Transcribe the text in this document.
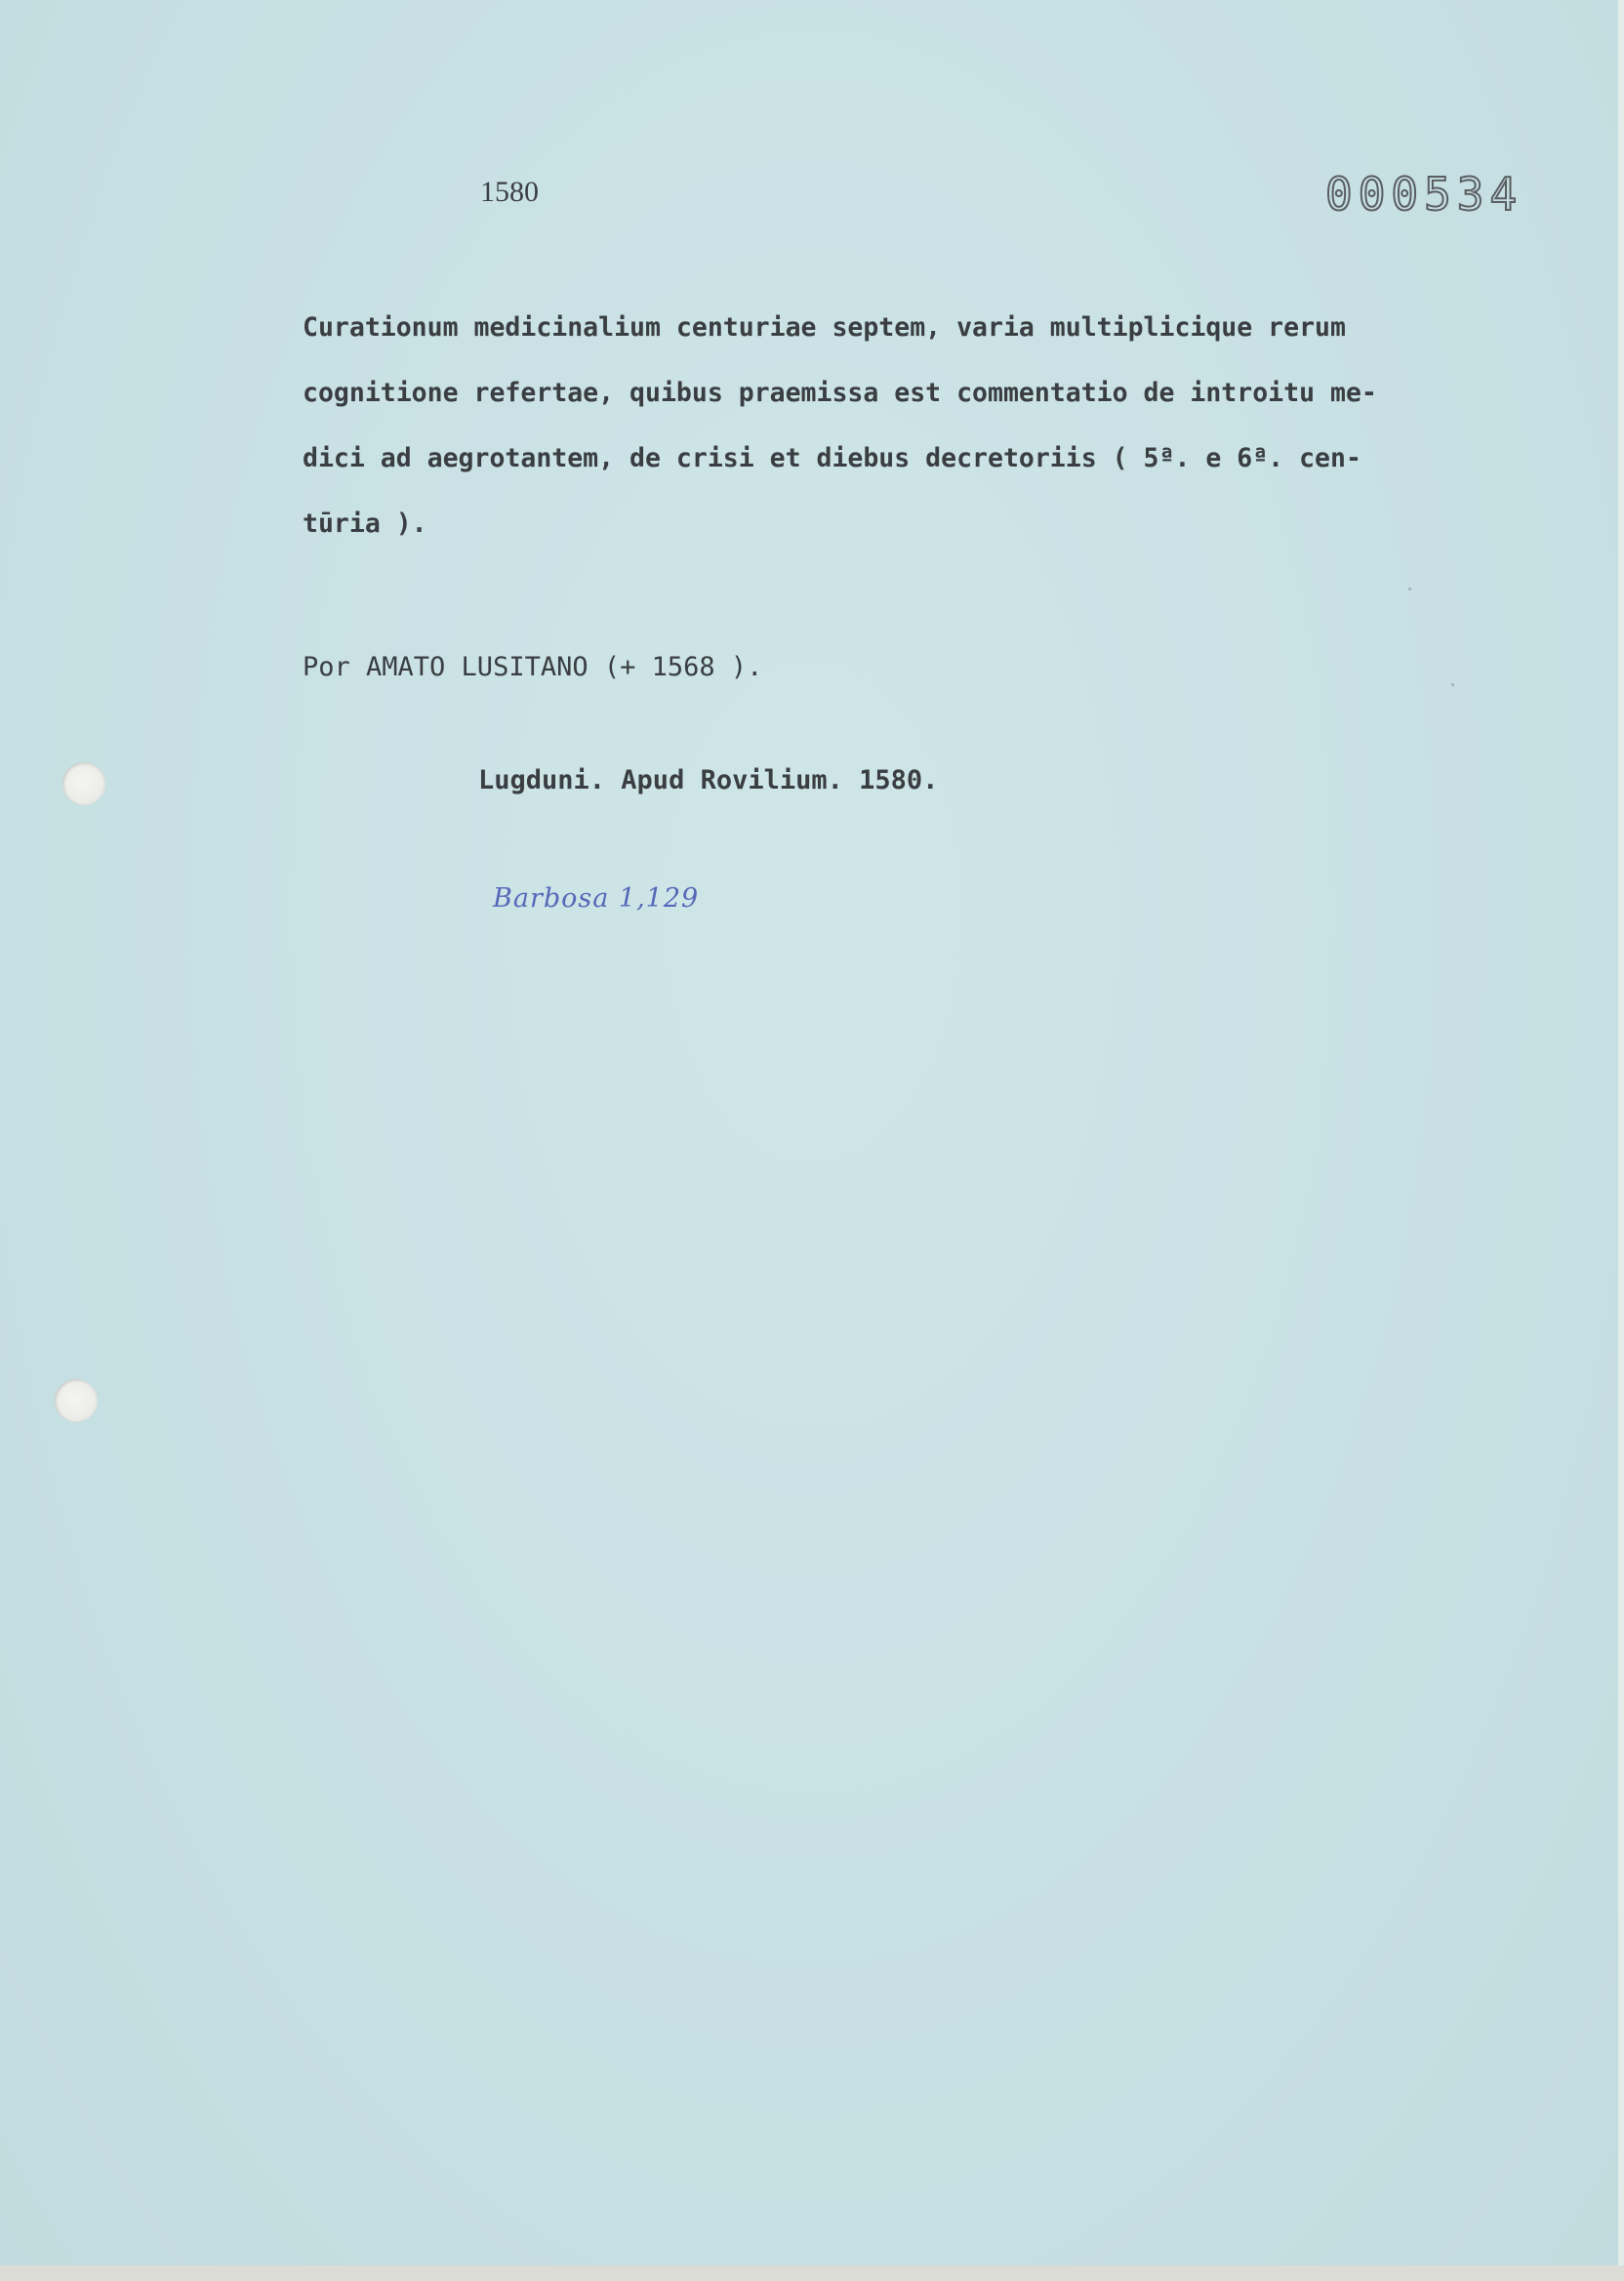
1580	000534
Curationum medicinalium centuriae septem, varia multiplicique rerum
cognitione refertae, quibus praemissa est commentatio de introitu me-
dici ad aegrotantem, de crisi et diebus decretoriis ( 5ª. e 6ª. cen-
tūria ).
Por AMATO LUSITANO (+ 1568 ).
Lugduni. Apud Rovilium. 1580.
Barbosa 1,129
